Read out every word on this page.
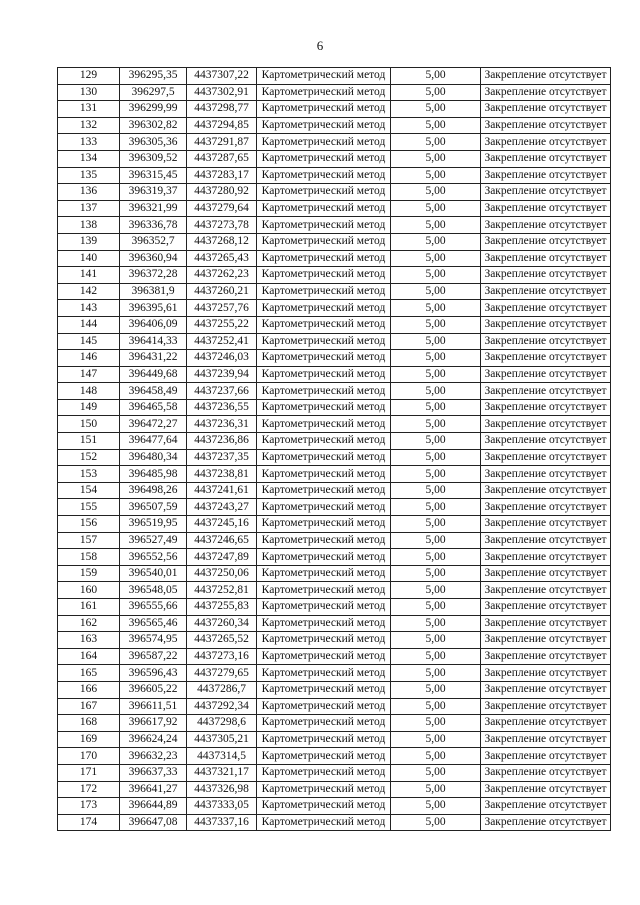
6
129	396295,35	4437307,22	Картометрический метод	5,00	Закрепление отсутствует
130	396297,5	4437302,91	Картометрический метод	5,00	Закрепление отсутствует
131	396299,99	4437298,77	Картометрический метод	5,00	Закрепление отсутствует
132	396302,82	4437294,85	Картометрический метод	5,00	Закрепление отсутствует
133	396305,36	4437291,87	Картометрический метод	5,00	Закрепление отсутствует
134	396309,52	4437287,65	Картометрический метод	5,00	Закрепление отсутствует
135	396315,45	4437283,17	Картометрический метод	5,00	Закрепление отсутствует
136	396319,37	4437280,92	Картометрический метод	5,00	Закрепление отсутствует
137	396321,99	4437279,64	Картометрический метод	5,00	Закрепление отсутствует
138	396336,78	4437273,78	Картометрический метод	5,00	Закрепление отсутствует
139	396352,7	4437268,12	Картометрический метод	5,00	Закрепление отсутствует
140	396360,94	4437265,43	Картометрический метод	5,00	Закрепление отсутствует
141	396372,28	4437262,23	Картометрический метод	5,00	Закрепление отсутствует
142	396381,9	4437260,21	Картометрический метод	5,00	Закрепление отсутствует
143	396395,61	4437257,76	Картометрический метод	5,00	Закрепление отсутствует
144	396406,09	4437255,22	Картометрический метод	5,00	Закрепление отсутствует
145	396414,33	4437252,41	Картометрический метод	5,00	Закрепление отсутствует
146	396431,22	4437246,03	Картометрический метод	5,00	Закрепление отсутствует
147	396449,68	4437239,94	Картометрический метод	5,00	Закрепление отсутствует
148	396458,49	4437237,66	Картометрический метод	5,00	Закрепление отсутствует
149	396465,58	4437236,55	Картометрический метод	5,00	Закрепление отсутствует
150	396472,27	4437236,31	Картометрический метод	5,00	Закрепление отсутствует
151	396477,64	4437236,86	Картометрический метод	5,00	Закрепление отсутствует
152	396480,34	4437237,35	Картометрический метод	5,00	Закрепление отсутствует
153	396485,98	4437238,81	Картометрический метод	5,00	Закрепление отсутствует
154	396498,26	4437241,61	Картометрический метод	5,00	Закрепление отсутствует
155	396507,59	4437243,27	Картометрический метод	5,00	Закрепление отсутствует
156	396519,95	4437245,16	Картометрический метод	5,00	Закрепление отсутствует
157	396527,49	4437246,65	Картометрический метод	5,00	Закрепление отсутствует
158	396552,56	4437247,89	Картометрический метод	5,00	Закрепление отсутствует
159	396540,01	4437250,06	Картометрический метод	5,00	Закрепление отсутствует
160	396548,05	4437252,81	Картометрический метод	5,00	Закрепление отсутствует
161	396555,66	4437255,83	Картометрический метод	5,00	Закрепление отсутствует
162	396565,46	4437260,34	Картометрический метод	5,00	Закрепление отсутствует
163	396574,95	4437265,52	Картометрический метод	5,00	Закрепление отсутствует
164	396587,22	4437273,16	Картометрический метод	5,00	Закрепление отсутствует
165	396596,43	4437279,65	Картометрический метод	5,00	Закрепление отсутствует
166	396605,22	4437286,7	Картометрический метод	5,00	Закрепление отсутствует
167	396611,51	4437292,34	Картометрический метод	5,00	Закрепление отсутствует
168	396617,92	4437298,6	Картометрический метод	5,00	Закрепление отсутствует
169	396624,24	4437305,21	Картометрический метод	5,00	Закрепление отсутствует
170	396632,23	4437314,5	Картометрический метод	5,00	Закрепление отсутствует
171	396637,33	4437321,17	Картометрический метод	5,00	Закрепление отсутствует
172	396641,27	4437326,98	Картометрический метод	5,00	Закрепление отсутствует
173	396644,89	4437333,05	Картометрический метод	5,00	Закрепление отсутствует
174	396647,08	4437337,16	Картометрический метод	5,00	Закрепление отсутствует
